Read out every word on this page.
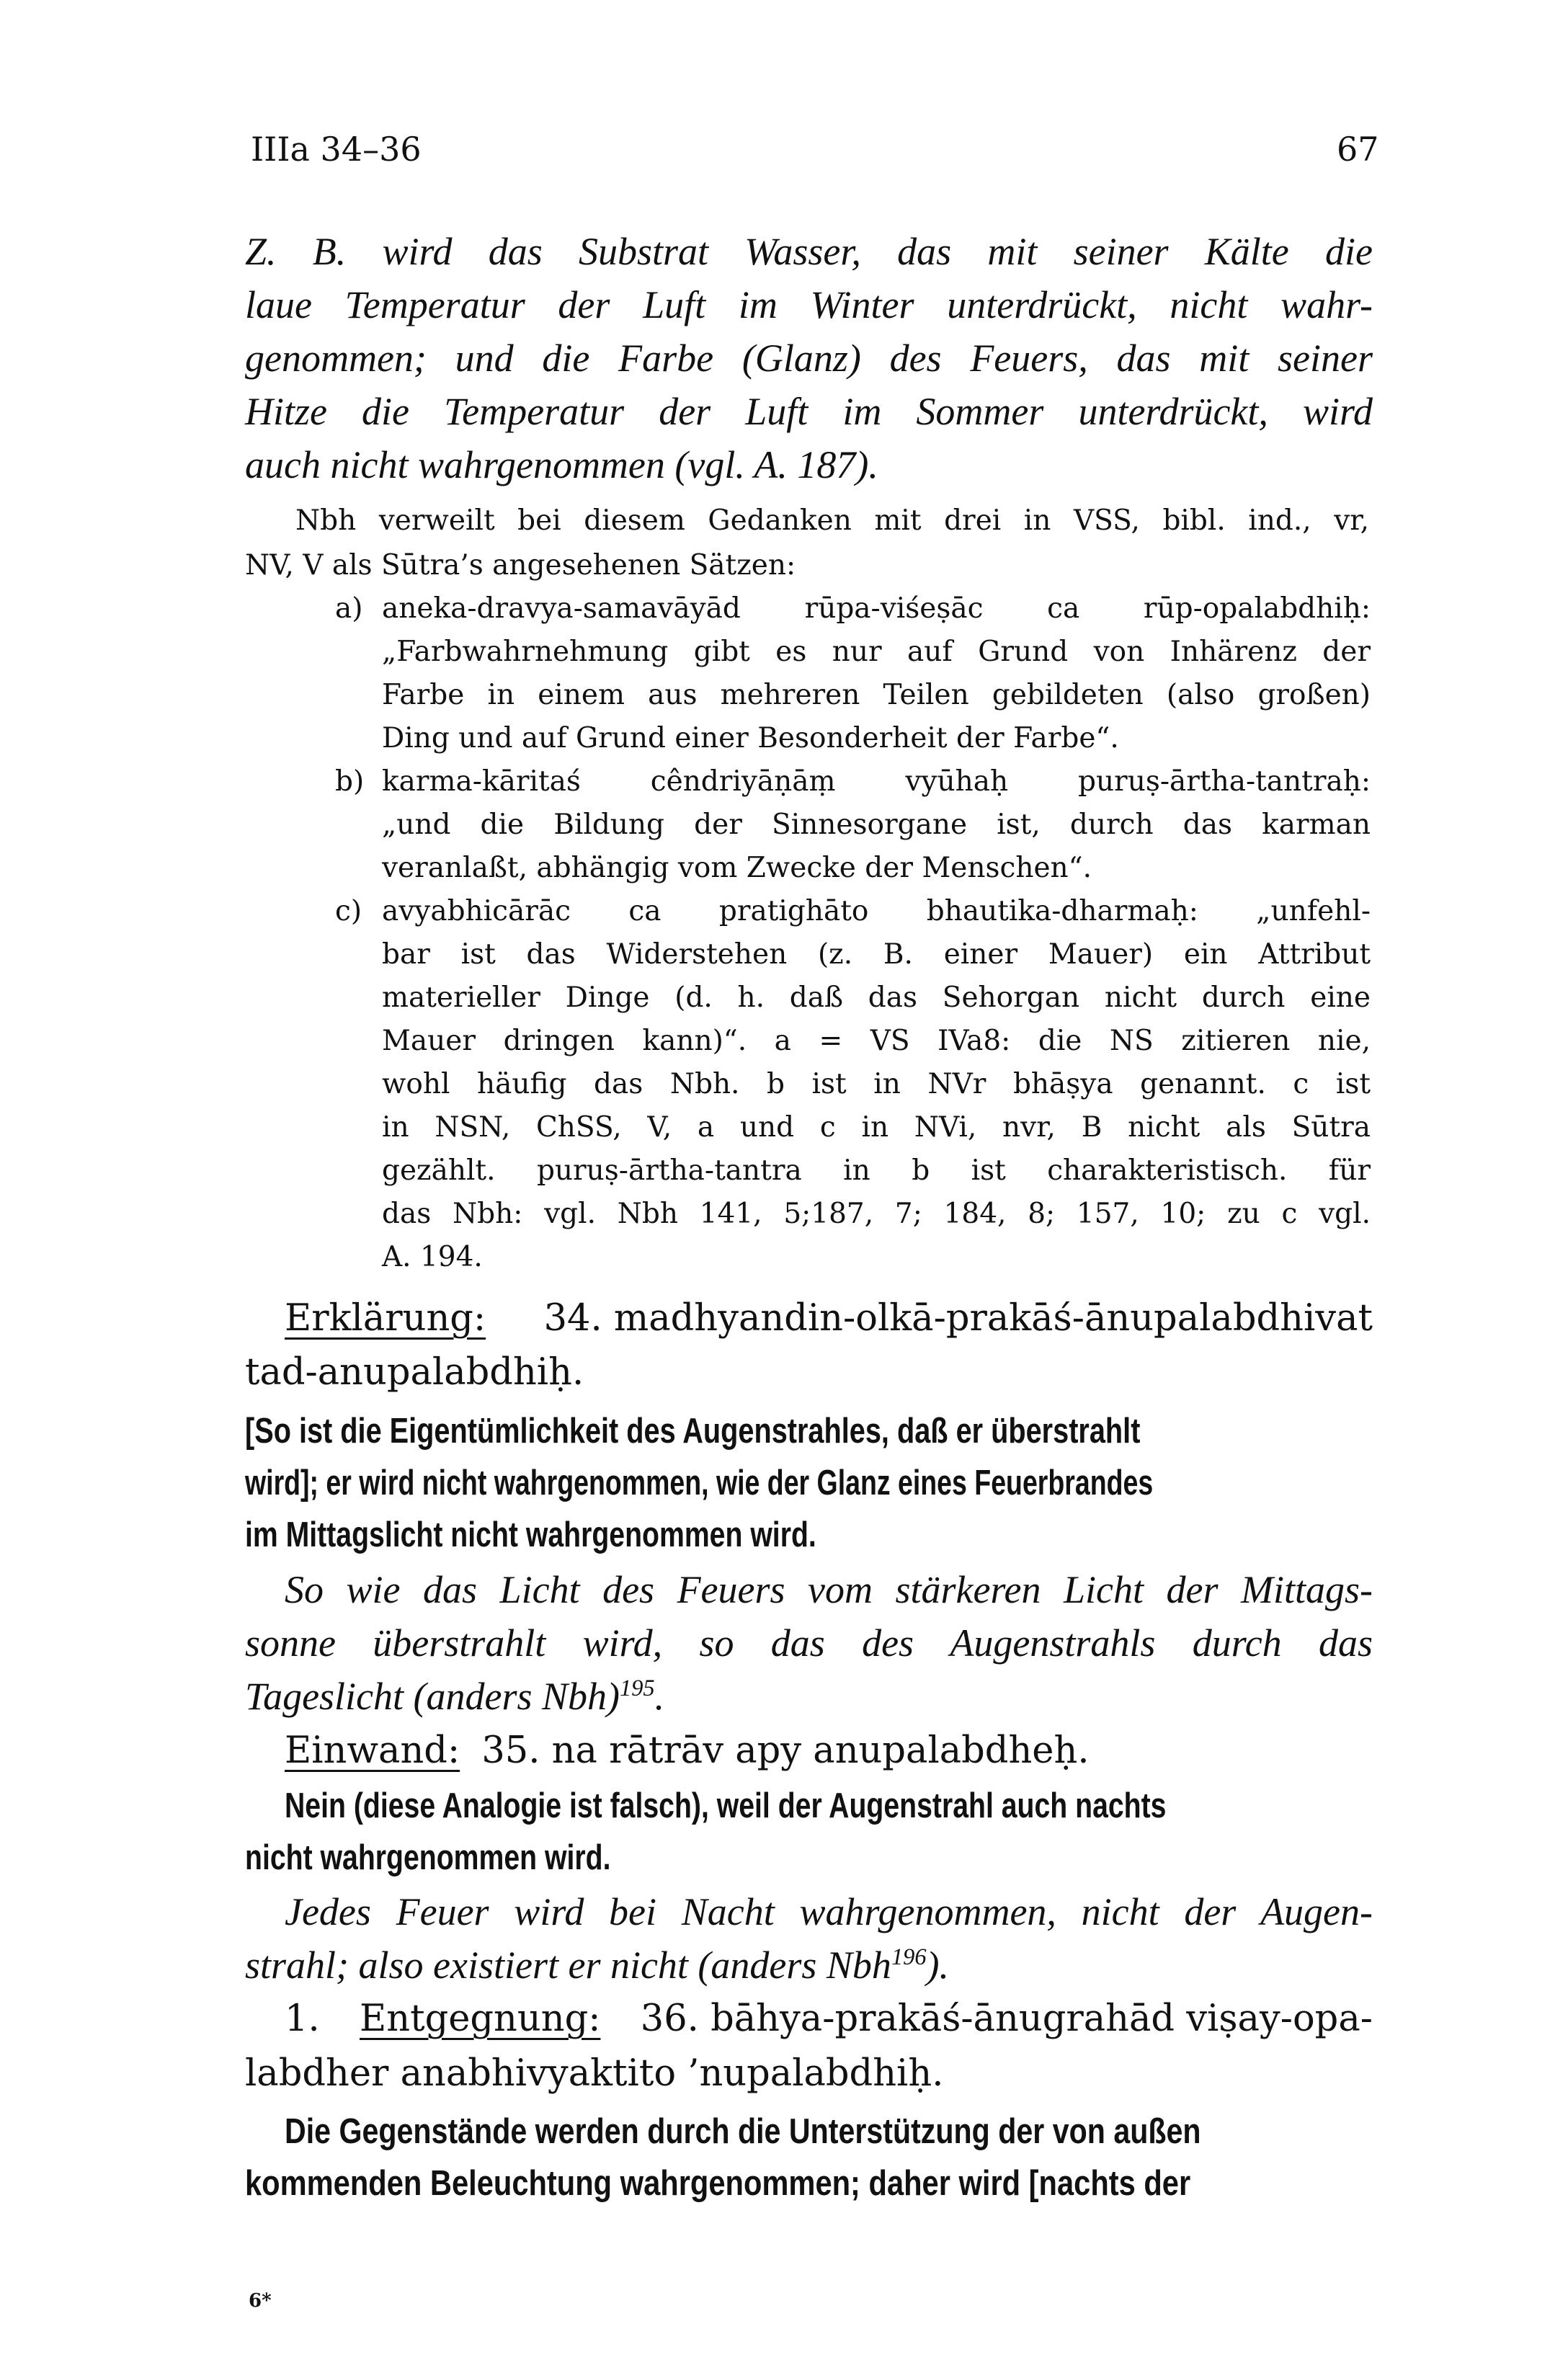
IIIa 34–36	67
Z. B. wird das Substrat Wasser, das mit seiner Kälte die
laue Temperatur der Luft im Winter unterdrückt, nicht wahr-
genommen; und die Farbe (Glanz) des Feuers, das mit seiner
Hitze die Temperatur der Luft im Sommer unterdrückt, wird
auch nicht wahrgenommen (vgl. A. 187).
Nbh verweilt bei diesem Gedanken mit drei in VSS, bibl. ind., vr,
NV, V als Sūtra’s angesehenen Sätzen:
a) aneka-dravya-samavāyād rūpa-viśeṣāc ca rūp-opalabdhiḥ:
„Farbwahrnehmung gibt es nur auf Grund von Inhärenz der
Farbe in einem aus mehreren Teilen gebildeten (also großen)
Ding und auf Grund einer Besonderheit der Farbe“.
b) karma-kāritaś cêndriyāṇāṃ vyūhaḥ puruṣ-ārtha-tantraḥ:
„und die Bildung der Sinnesorgane ist, durch das karman
veranlaßt, abhängig vom Zwecke der Menschen“.
c) avyabhicārāc ca pratighāto bhautika-dharmaḥ: „unfehl-
bar ist das Widerstehen (z. B. einer Mauer) ein Attribut
materieller Dinge (d. h. daß das Sehorgan nicht durch eine
Mauer dringen kann)“. a = VS IVa8: die NS zitieren nie,
wohl häufig das Nbh. b ist in NVr bhāṣya genannt. c ist
in NSN, ChSS, V, a und c in NVi, nvr, B nicht als Sūtra
gezählt. puruṣ-ārtha-tantra in b ist charakteristisch. für
das Nbh: vgl. Nbh 141, 5;187, 7; 184, 8; 157, 10; zu c vgl.
A. 194.
Erklärung: 34. madhyandin-olkā-prakāś-ānupalabdhivat
tad-anupalabdhiḥ.
[So ist die Eigentümlichkeit des Augenstrahles, daß er überstrahlt
wird]; er wird nicht wahrgenommen, wie der Glanz eines Feuerbrandes
im Mittagslicht nicht wahrgenommen wird.
So wie das Licht des Feuers vom stärkeren Licht der Mittags-
sonne überstrahlt wird, so das des Augenstrahls durch das
Tageslicht (anders Nbh)$^{195}$.
Einwand: 35. na rātrāv apy anupalabdheḥ.
Nein (diese Analogie ist falsch), weil der Augenstrahl auch nachts
nicht wahrgenommen wird.
Jedes Feuer wird bei Nacht wahrgenommen, nicht der Augen-
strahl; also existiert er nicht (anders Nbh$^{196}$).
1. Entgegnung: 36. bāhya-prakāś-ānugrahād viṣay-opa-
labdher anabhivyaktito ’nupalabdhiḥ.
Die Gegenstände werden durch die Unterstützung der von außen
kommenden Beleuchtung wahrgenommen; daher wird [nachts der
6*
